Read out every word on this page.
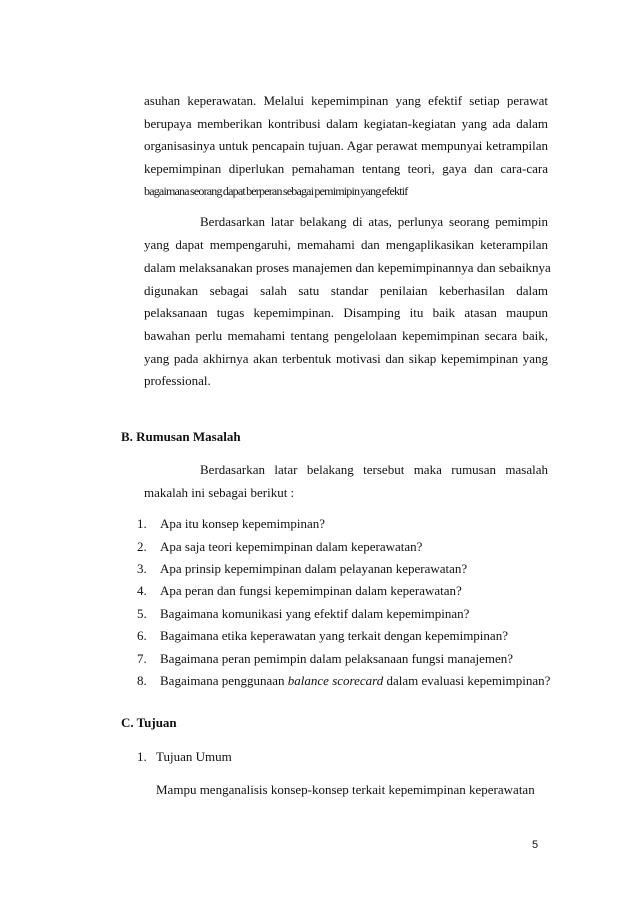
asuhan keperawatan. Melalui kepemimpinan yang efektif setiap perawat
berupaya memberikan kontribusi dalam kegiatan-kegiatan yang ada dalam
organisasinya untuk pencapain tujuan. Agar perawat mempunyai ketrampilan
kepemimpinan diperlukan pemahaman tentang teori, gaya dan cara-cara
bagaimana seorang dapat berperan sebagai pemimipin yang efektif
Berdasarkan latar belakang di atas, perlunya seorang pemimpin
yang dapat mempengaruhi, memahami dan mengaplikasikan keterampilan
dalam melaksanakan proses manajemen dan kepemimpinannya dan sebaiknya
digunakan sebagai salah satu standar penilaian keberhasilan dalam
pelaksanaan tugas kepemimpinan. Disamping itu baik atasan maupun
bawahan perlu memahami tentang pengelolaan kepemimpinan secara baik,
yang pada akhirnya akan terbentuk motivasi dan sikap kepemimpinan yang
professional.
B. Rumusan Masalah
Berdasarkan latar belakang tersebut maka rumusan masalah
makalah ini sebagai berikut :
1. Apa itu konsep kepemimpinan?
2. Apa saja teori kepemimpinan dalam keperawatan?
3. Apa prinsip kepemimpinan dalam pelayanan keperawatan?
4. Apa peran dan fungsi kepemimpinan dalam keperawatan?
5. Bagaimana komunikasi yang efektif dalam kepemimpinan?
6. Bagaimana etika keperawatan yang terkait dengan kepemimpinan?
7. Bagaimana peran pemimpin dalam pelaksanaan fungsi manajemen?
8. Bagaimana penggunaan balance scorecard dalam evaluasi kepemimpinan?
C. Tujuan
1. Tujuan Umum
Mampu menganalisis konsep-konsep terkait kepemimpinan keperawatan
5
